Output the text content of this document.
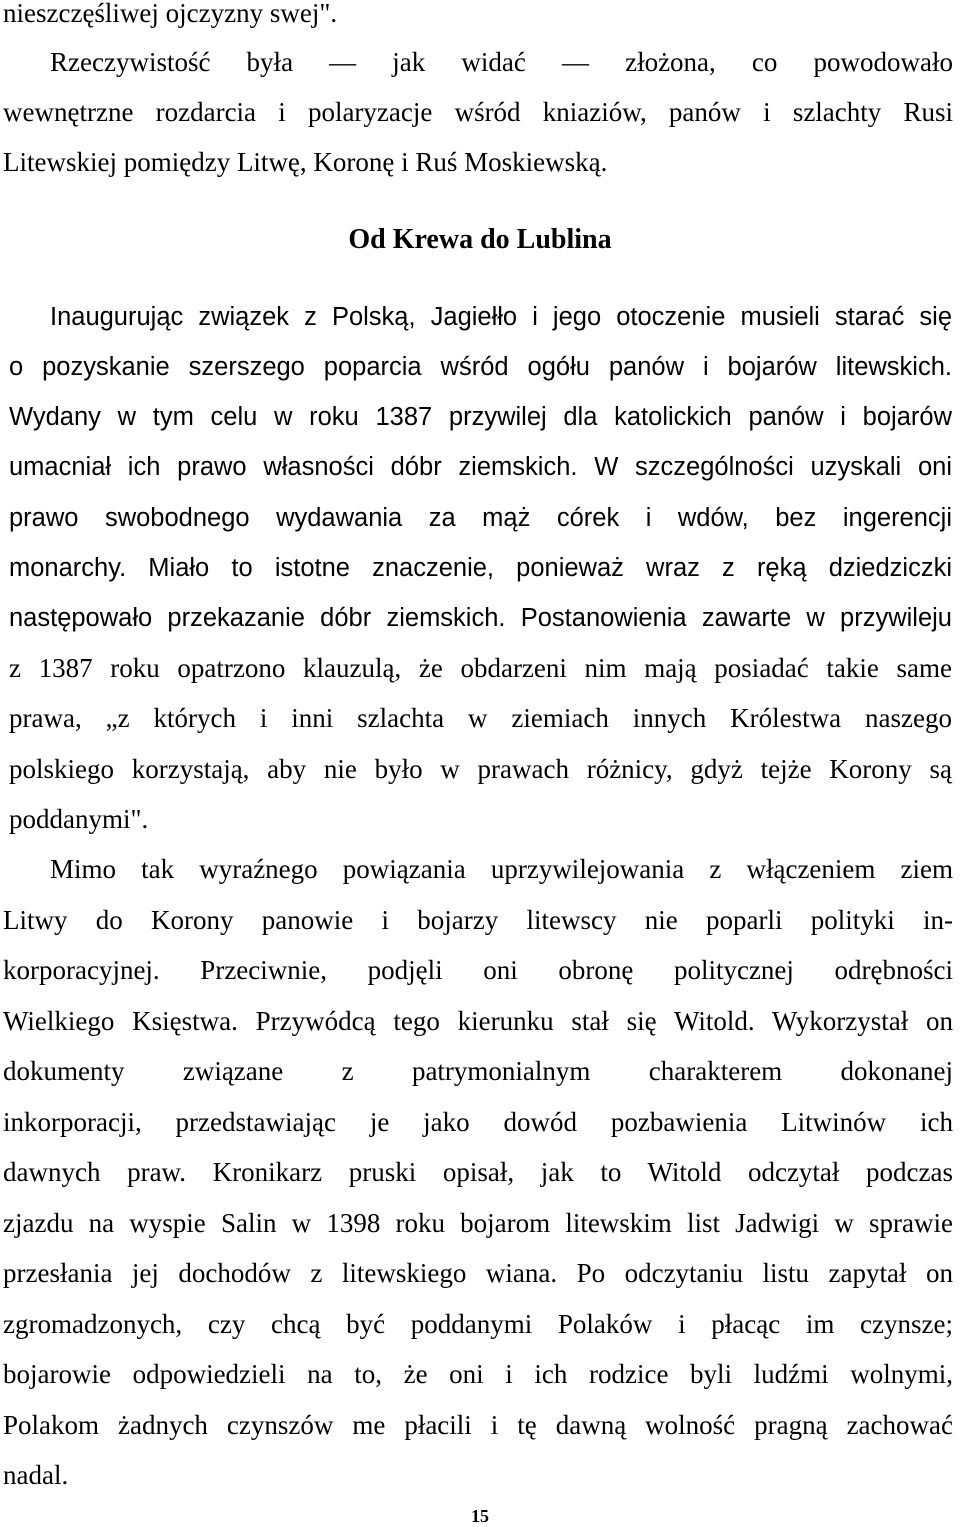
nieszczęśliwej ojczyzny swej".
Rzeczywistość była — jak widać — złożona, co powodowało
wewnętrzne rozdarcia i polaryzacje wśród kniaziów, panów i szlachty Rusi
Litewskiej pomiędzy Litwę, Koronę i Ruś Moskiewską.
Od Krewa do Lublina
Inaugurując związek z Polską, Jagiełło i jego otoczenie musieli starać się
o pozyskanie szerszego poparcia wśród ogółu panów i bojarów litewskich.
Wydany w tym celu w roku 1387 przywilej dla katolickich panów i bojarów
umacniał ich prawo własności dóbr ziemskich. W szczególności uzyskali oni
prawo swobodnego wydawania za mąż córek i wdów, bez ingerencji
monarchy. Miało to istotne znaczenie, ponieważ wraz z ręką dziedziczki
następowało przekazanie dóbr ziemskich. Postanowienia zawarte w przywileju
z 1387 roku opatrzono klauzulą, że obdarzeni nim mają posiadać takie same
prawa, „z których i inni szlachta w ziemiach innych Królestwa naszego
polskiego korzystają, aby nie było w prawach różnicy, gdyż tejże Korony są
poddanymi".
Mimo tak wyraźnego powiązania uprzywilejowania z włączeniem ziem
Litwy do Korony panowie i bojarzy litewscy nie poparli polityki in-
korporacyjnej. Przeciwnie, podjęli oni obronę politycznej odrębności
Wielkiego Księstwa. Przywódcą tego kierunku stał się Witold. Wykorzystał on
dokumenty związane z patrymonialnym charakterem dokonanej
inkorporacji, przedstawiając je jako dowód pozbawienia Litwinów ich
dawnych praw. Kronikarz pruski opisał, jak to Witold odczytał podczas
zjazdu na wyspie Salin w 1398 roku bojarom litewskim list Jadwigi w sprawie
przesłania jej dochodów z litewskiego wiana. Po odczytaniu listu zapytał on
zgromadzonych, czy chcą być poddanymi Polaków i płacąc im czynsze;
bojarowie odpowiedzieli na to, że oni i ich rodzice byli ludźmi wolnymi,
Polakom żadnych czynszów me płacili i tę dawną wolność pragną zachować
nadal.
15
